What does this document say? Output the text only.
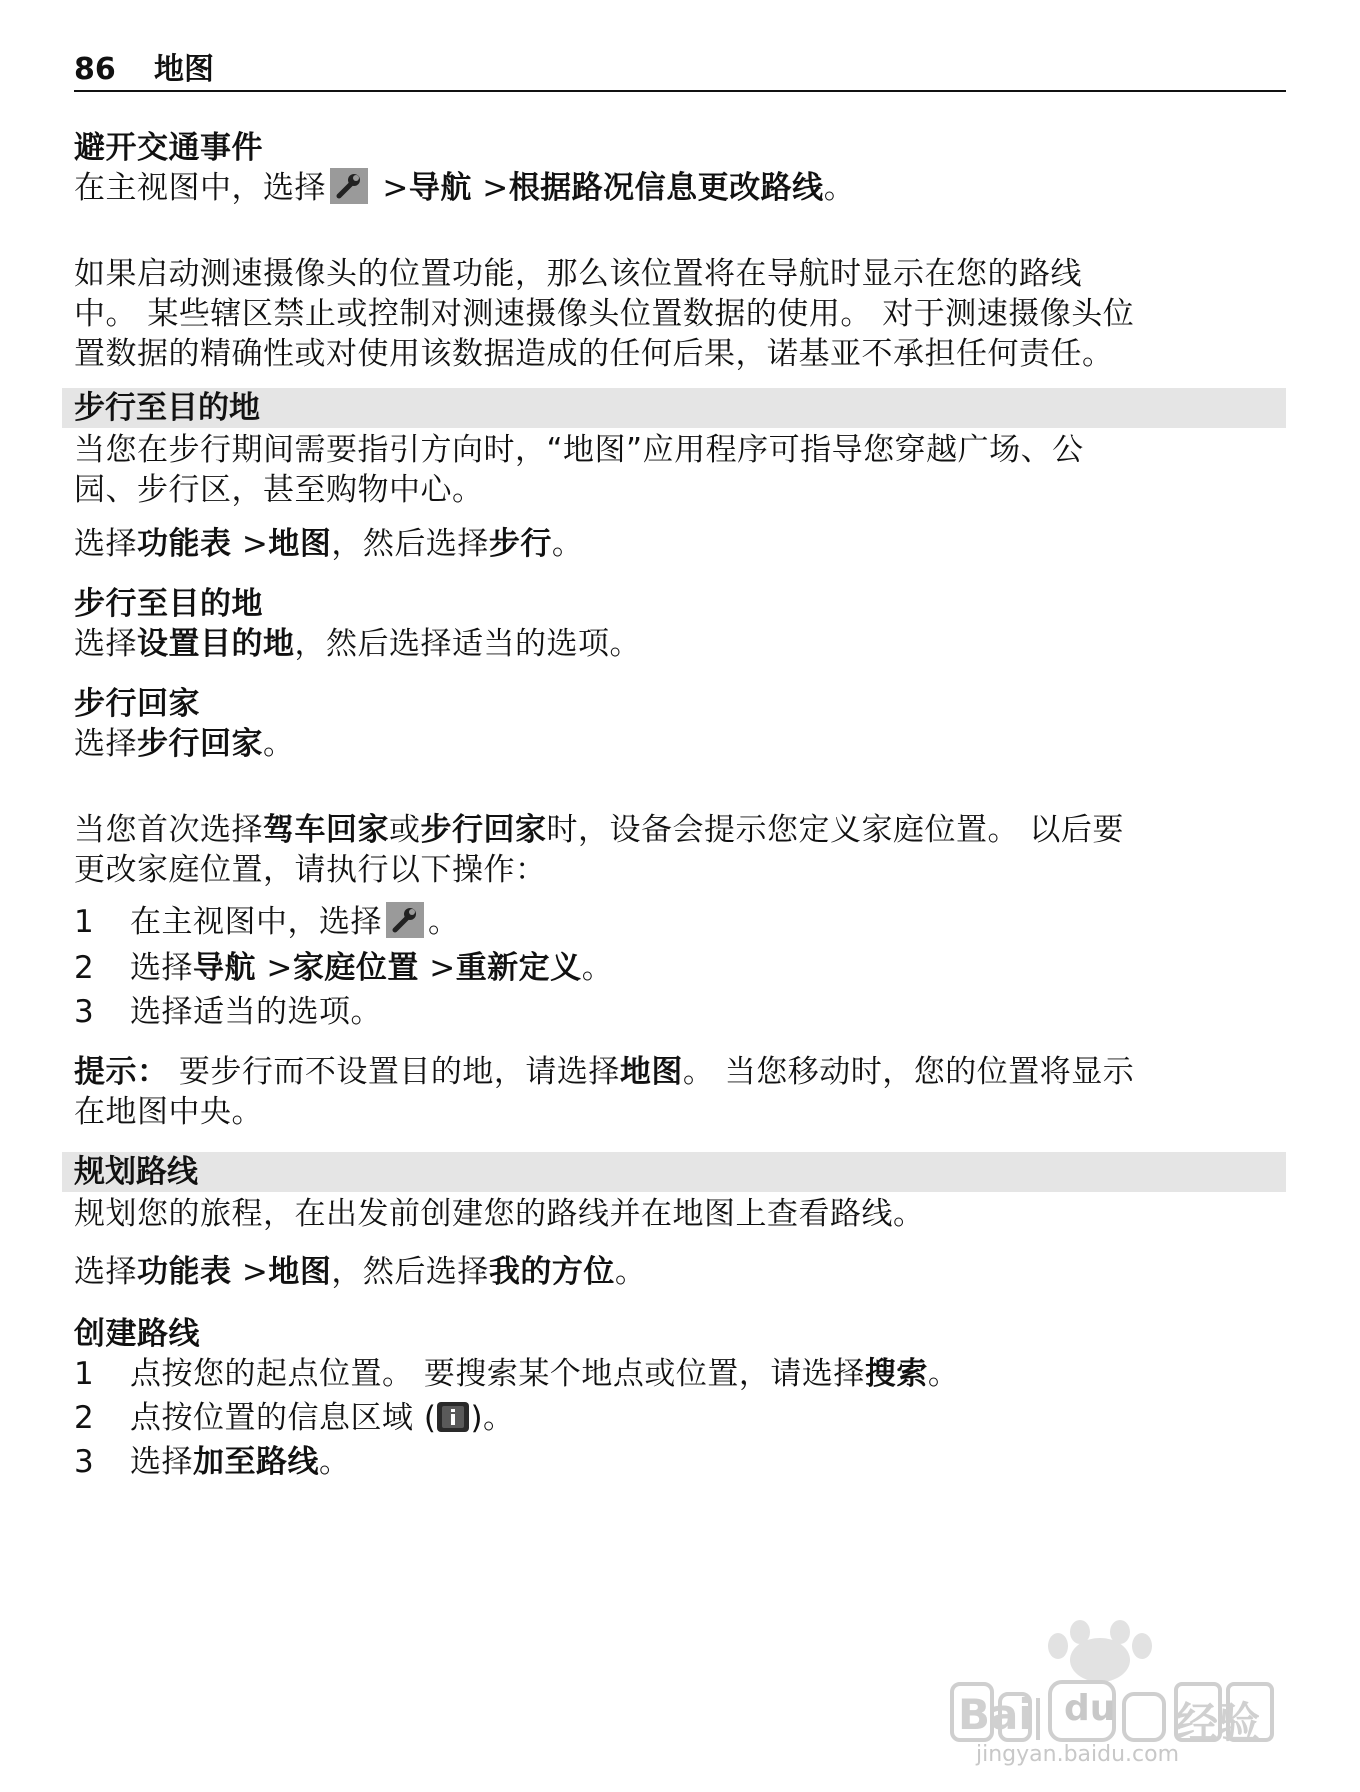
86 地图
避开交通事件
在主视图中，选择 >导航 >根据路况信息更改路线。
如果启动测速摄像头的位置功能，那么该位置将在导航时显示在您的路线
中。 某些辖区禁止或控制对测速摄像头位置数据的使用。 对于测速摄像头位
置数据的精确性或对使用该数据造成的任何后果，诺基亚不承担任何责任。
步行至目的地
当您在步行期间需要指引方向时，“地图”应用程序可指导您穿越广场、公
园、步行区，甚至购物中心。
选择功能表 >地图，然后选择步行。
步行至目的地
选择设置目的地，然后选择适当的选项。
步行回家
选择步行回家。
当您首次选择驾车回家或步行回家时，设备会提示您定义家庭位置。 以后要
更改家庭位置，请执行以下操作：
1 在主视图中，选择 。
2 选择导航 >家庭位置 >重新定义。
3 选择适当的选项。
提示： 要步行而不设置目的地，请选择地图。 当您移动时，您的位置将显示
在地图中央。
规划路线
规划您的旅程，在出发前创建您的路线并在地图上查看路线。
选择功能表 >地图，然后选择我的方位。
创建路线
1 点按您的起点位置。 要搜索某个地点或位置，请选择搜索。
2 点按位置的信息区域 ( )。
3 选择加至路线。
Bai du 经验
jingyan.baidu.com
